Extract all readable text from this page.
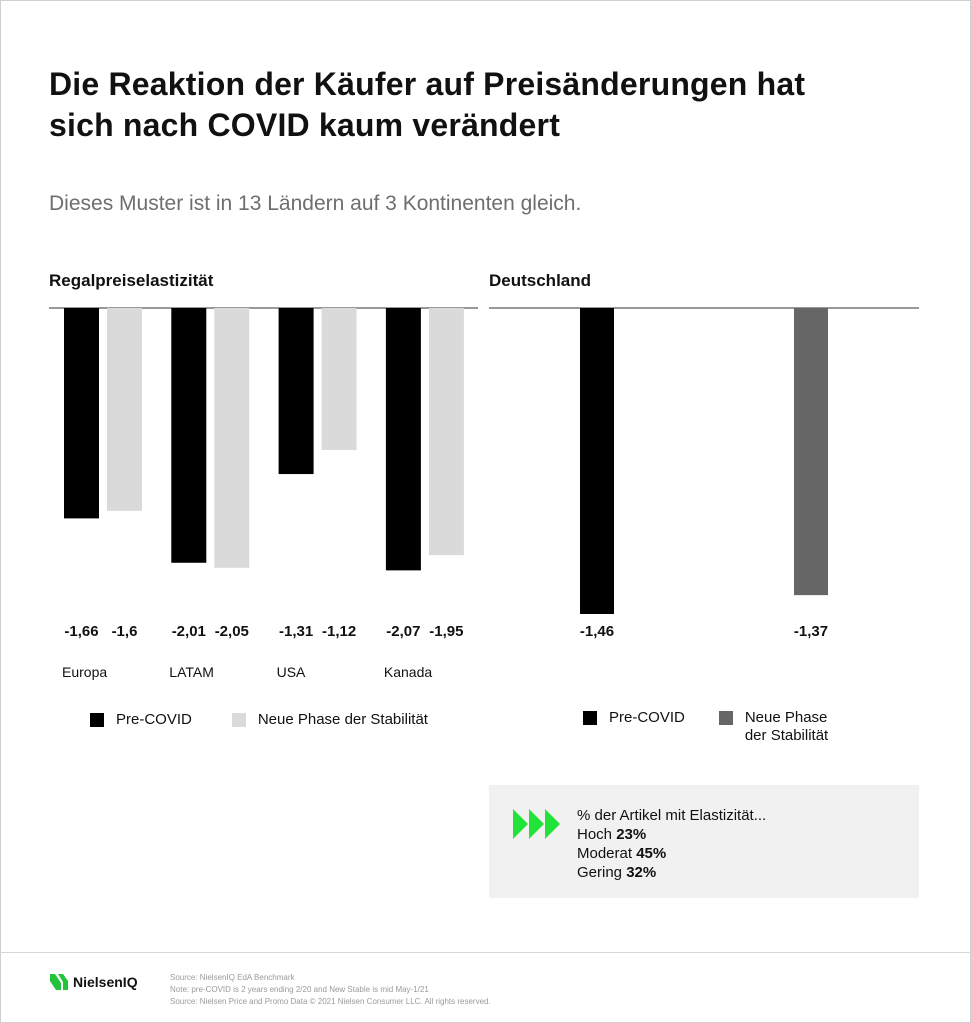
Die Reaktion der Käufer auf Preisänderungen hat sich nach COVID kaum verändert

Dieses Muster ist in 13 Ländern auf 3 Kontinenten gleich.

Regalpreiselastizität	Deutschland
-1,66 -1,6
Europa
-2,01 -2,05
LATAM
-1,31 -1,12
USA
-2,07 -1,95
Kanada
-1,46	-1,37
Pre-COVID	Neue Phase der Stabilität	Pre-COVID	Neue Phase der Stabilität
% der Artikel mit Elastizität...
Hoch 23%
Moderat 45%
Gering 32%
NielsenIQ	Source: NielsenIQ EdA Benchmark
Note: pre-COVID is 2 years ending 2/20 and New Stable is mid May-1/21
Source: Nielsen Price and Promo Data © 2021 Nielsen Consumer LLC. All rights reserved.
